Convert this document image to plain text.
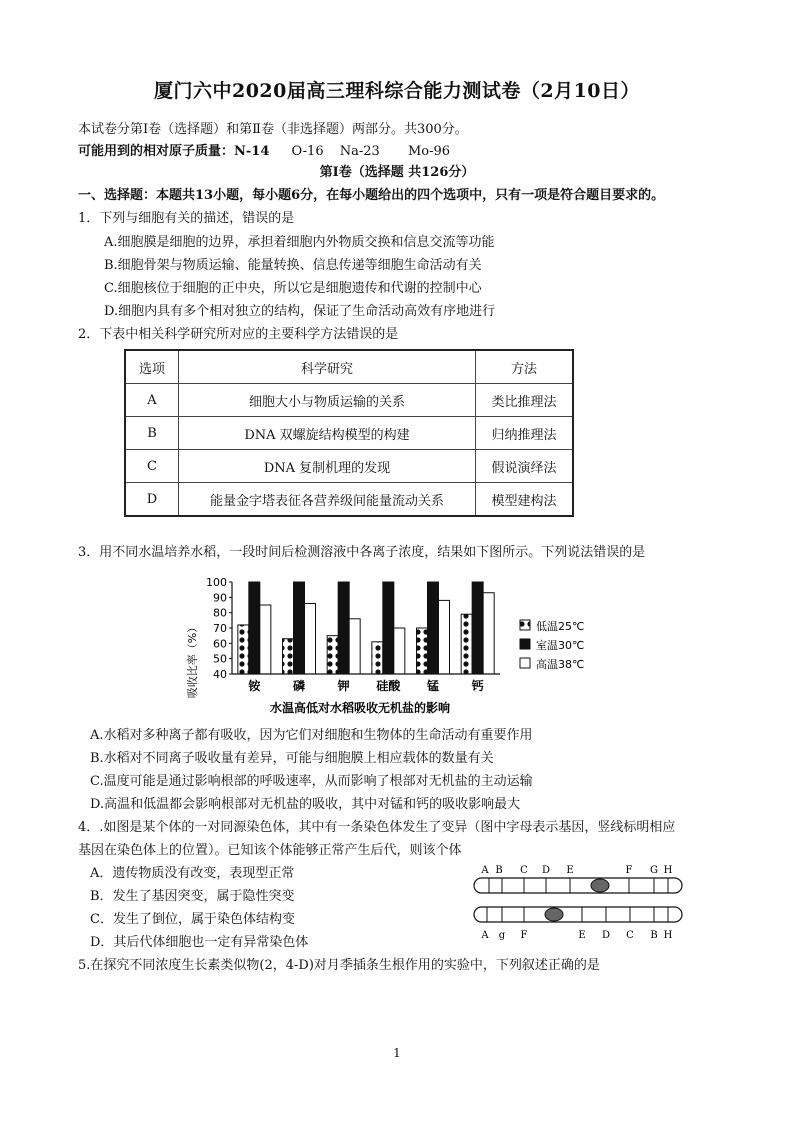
厦门六中2020届高三理科综合能力测试卷（2月10日）
本试卷分第Ⅰ卷（选择题）和第Ⅱ卷（非选择题）两部分。共300分。
可能用到的相对原子质量：N-14 O-16 Na-23 Mo-96
第Ⅰ卷（选择题 共126分）
一、选择题：本题共13小题，每小题6分，在每小题给出的四个选项中，只有一项是符合题目要求的。
1．下列与细胞有关的描述，错误的是
A.细胞膜是细胞的边界，承担着细胞内外物质交换和信息交流等功能
B.细胞骨架与物质运输、能量转换、信息传递等细胞生命活动有关
C.细胞核位于细胞的正中央，所以它是细胞遗传和代谢的控制中心
D.细胞内具有多个相对独立的结构，保证了生命活动高效有序地进行
2．下表中相关科学研究所对应的主要科学方法错误的是
选项	科学研究	方法
A	细胞大小与物质运输的关系	类比推理法
B	DNA 双螺旋结构模型的构建	归纳推理法
C	DNA 复制机理的发现	假说演绎法
D	能量金字塔表征各营养级间能量流动关系	模型建构法
3．用不同水温培养水稻，一段时间后检测溶液中各离子浓度，结果如下图所示。下列说法错误的是
吸收比率（%）
100
90
80
70
60
50
40
铵	磷	钾 硅酸 锰	钙
低温25℃
室温30℃
高温38℃
水温高低对水稻吸收无机盐的影响
A.水稻对多种离子都有吸收，因为它们对细胞和生物体的生命活动有重要作用
B.水稻对不同离子吸收量有差异，可能与细胞膜上相应载体的数量有关
C.温度可能是通过影响根部的呼吸速率，从而影响了根部对无机盐的主动运输
D.高温和低温都会影响根部对无机盐的吸收，其中对锰和钙的吸收影响最大
4．.如图是某个体的一对同源染色体，其中有一条染色体发生了变异（图中字母表示基因，竖线标明相应
基因在染色体上的位置）。已知该个体能够正常产生后代，则该个体
A．遗传物质没有改变，表现型正常
B．发生了基因突变，属于隐性突变
C．发生了倒位，属于染色体结构变
D．其后代体细胞也一定有异常染色体
A B C D E	F G H
A g F	E D C B H
5.在探究不同浓度生长素类似物(2，4-D)对月季插条生根作用的实验中，下列叙述正确的是
1
